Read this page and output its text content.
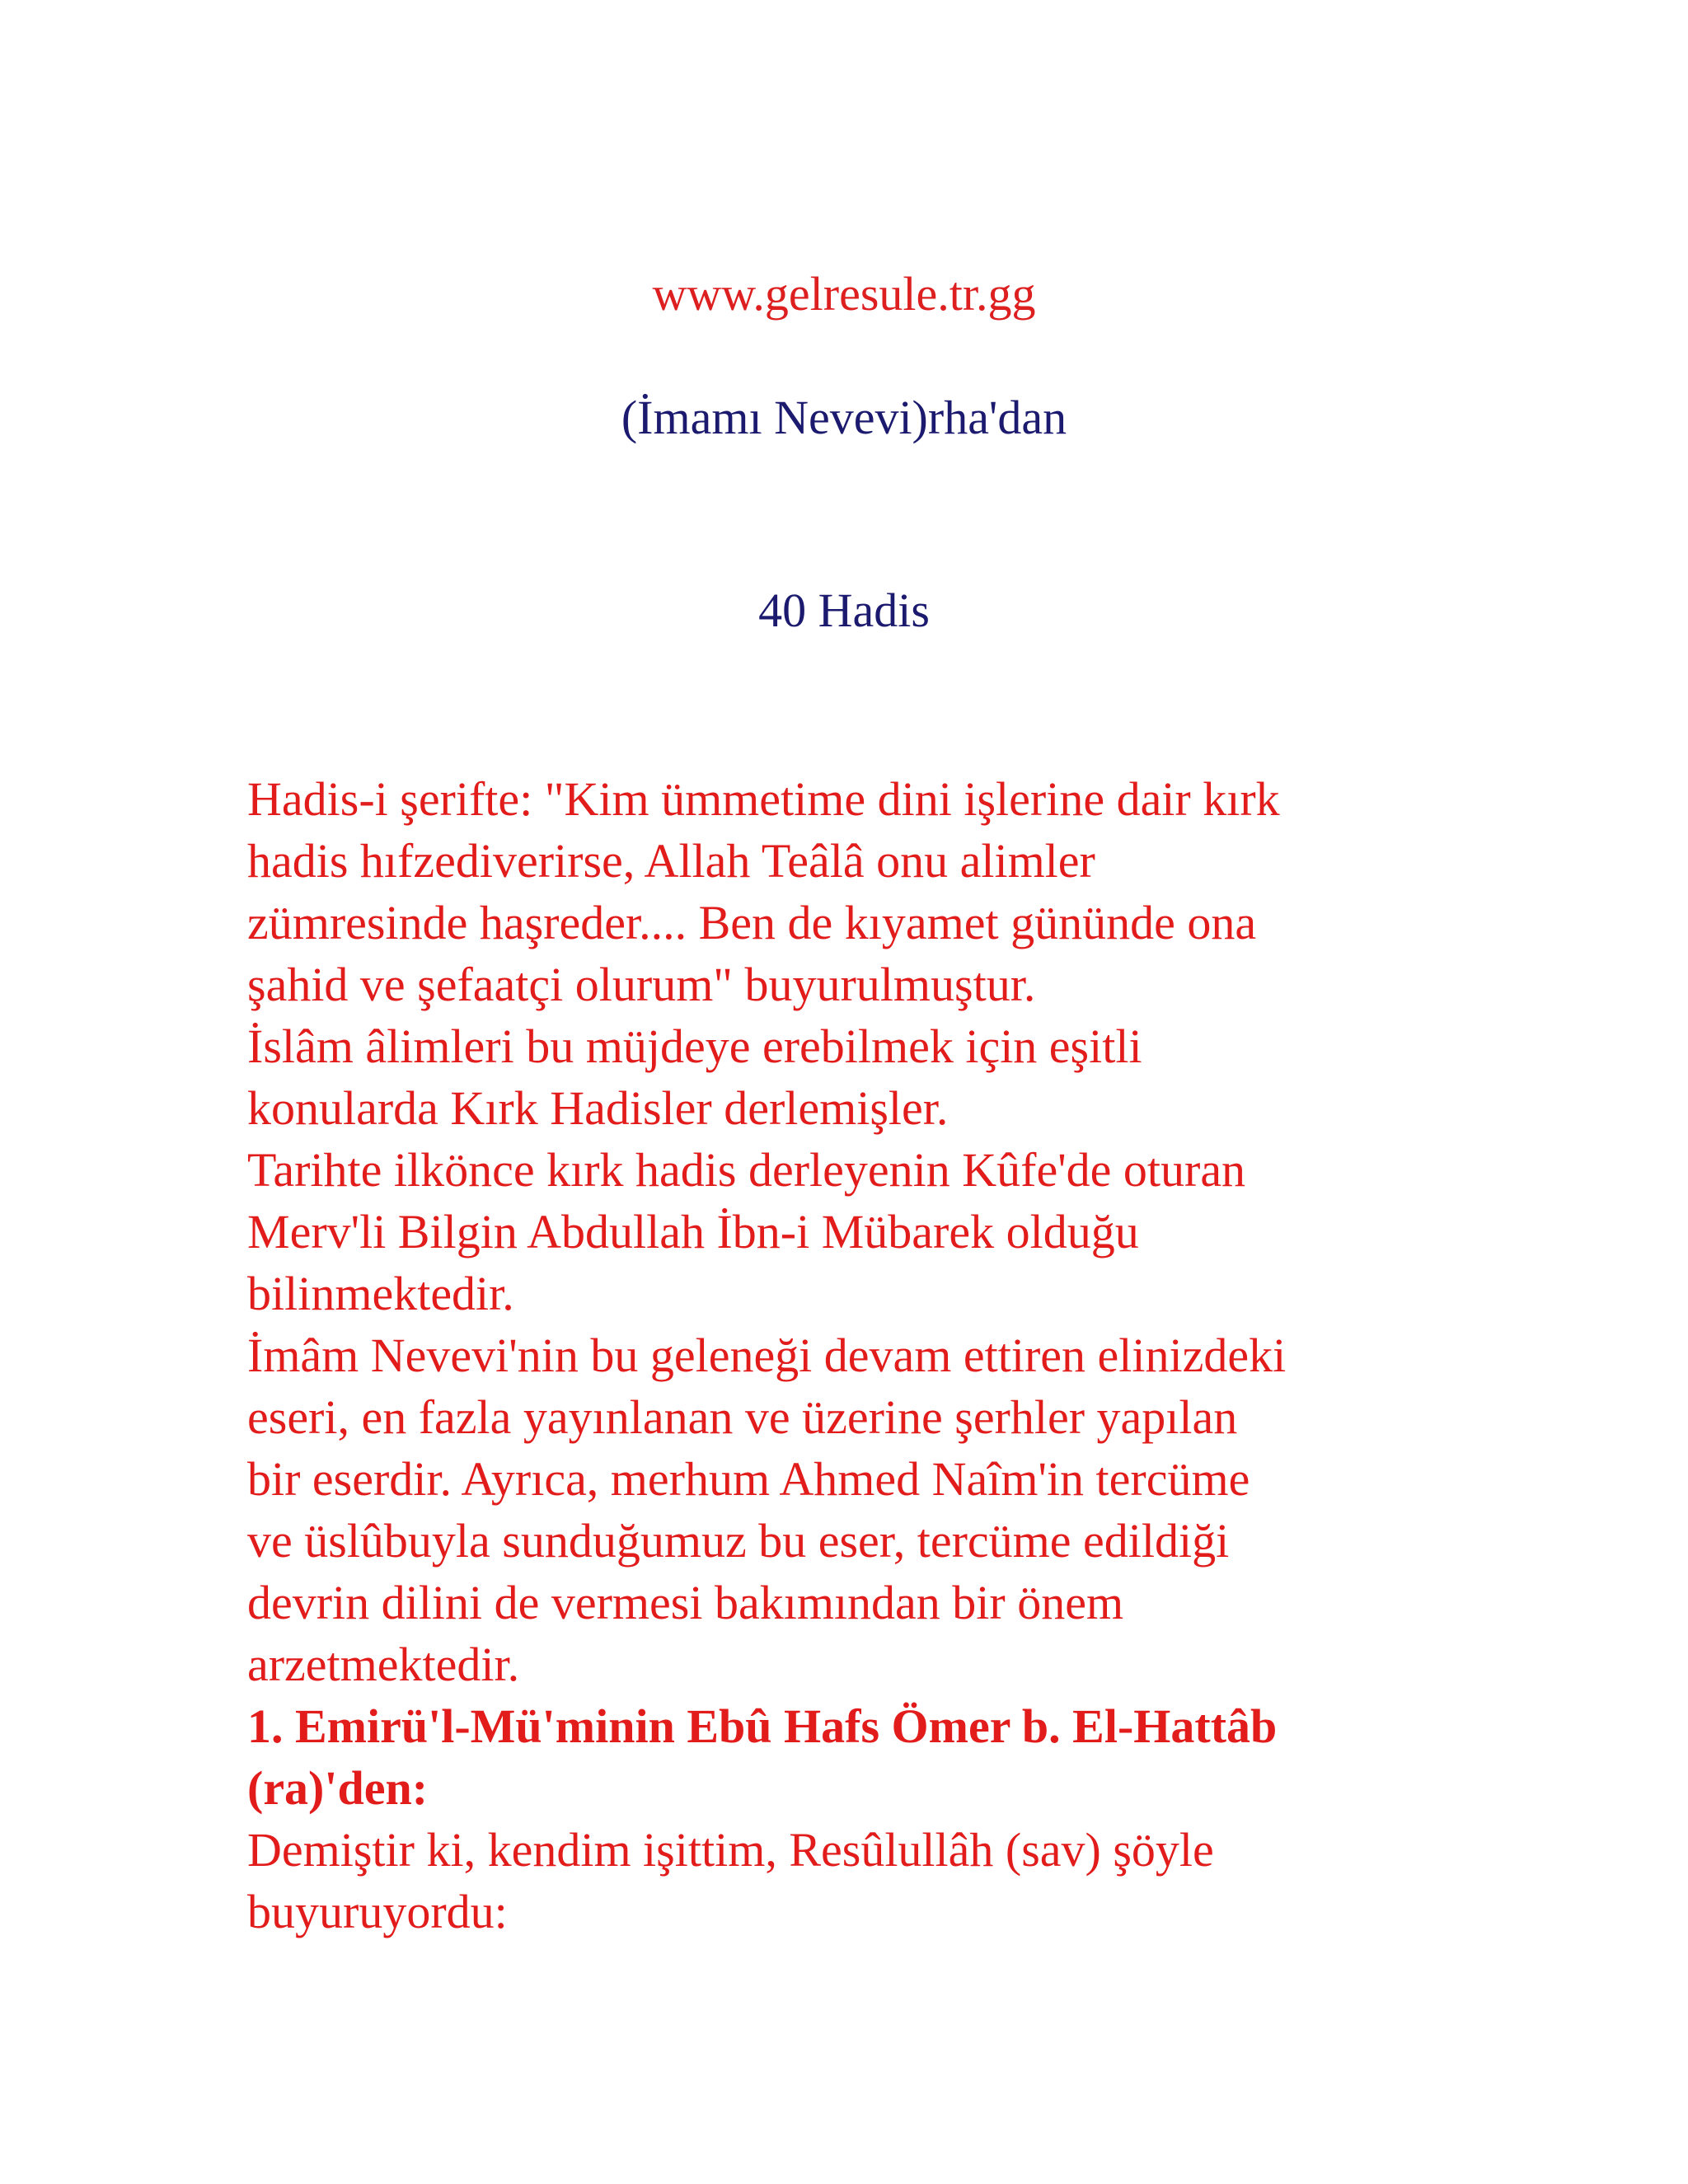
www.gelresule.tr.gg
(İmamı Nevevi)rha'dan
40 Hadis
Hadis-i şerifte: "Kim ümmetime dini işlerine dair kırk
hadis hıfzediverirse, Allah Teâlâ onu alimler
zümresinde haşreder.... Ben de kıyamet gününde ona
şahid ve şefaatçi olurum" buyurulmuştur.
İslâm âlimleri bu müjdeye erebilmek için eşitli
konularda Kırk Hadisler derlemişler.
Tarihte ilkönce kırk hadis derleyenin Kûfe'de oturan
Merv'li Bilgin Abdullah İbn-i Mübarek olduğu
bilinmektedir.
İmâm Nevevi'nin bu geleneği devam ettiren elinizdeki
eseri, en fazla yayınlanan ve üzerine şerhler yapılan
bir eserdir. Ayrıca, merhum Ahmed Naîm'in tercüme
ve üslûbuyla sunduğumuz bu eser, tercüme edildiği
devrin dilini de vermesi bakımından bir önem
arzetmektedir.
1. Emirü'l-Mü'minin Ebû Hafs Ömer b. El-Hattâb
(ra)'den:
Demiştir ki, kendim işittim, Resûlullâh (sav) şöyle
buyuruyordu:
